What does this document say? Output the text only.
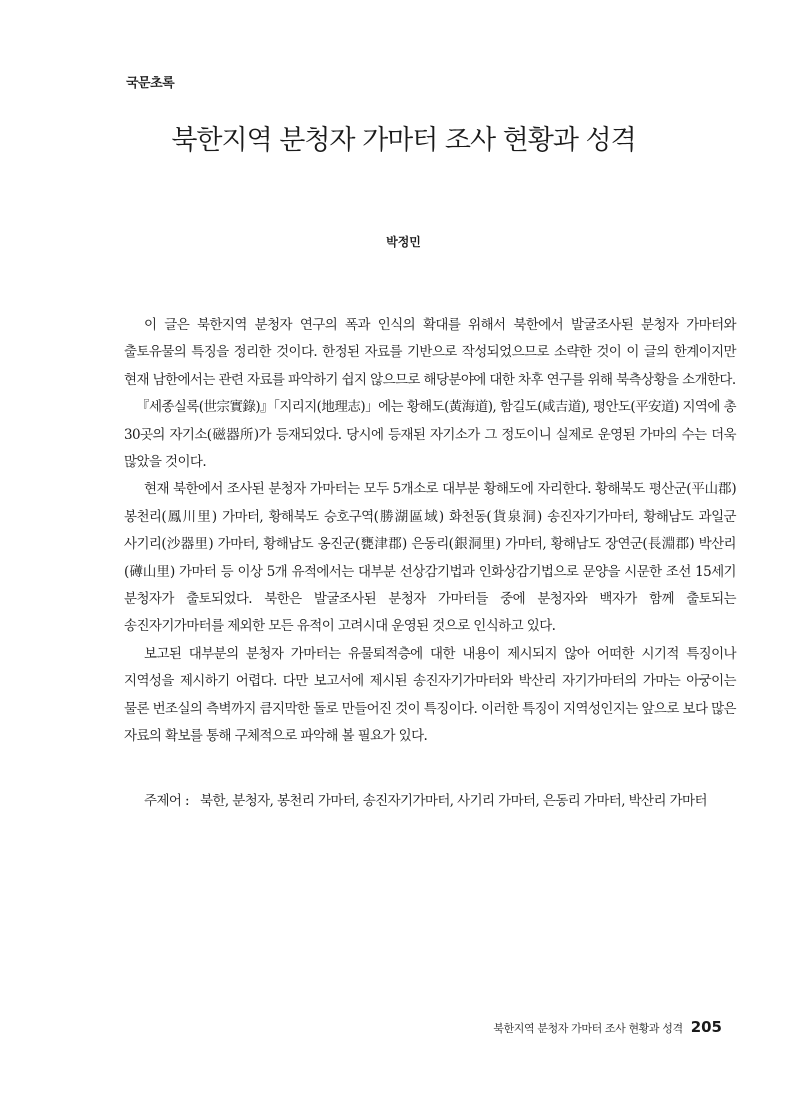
국문초록
북한지역 분청자 가마터 조사 현황과 성격
박정민

이 글은 북한지역 분청자 연구의 폭과 인식의 확대를 위해서 북한에서 발굴조사된 분청자 가마터와 출토유물의 특징을 정리한 것이다. 한정된 자료를 기반으로 작성되었으므로 소략한 것이 이 글의 한계이지만 현재 남한에서는 관련 자료를 파악하기 쉽지 않으므로 해당분야에 대한 차후 연구를 위해 북측상황을 소개한다.

『세종실록(世宗實錄)』「지리지(地理志)」에는 황해도(黃海道), 함길도(咸吉道), 평안도(平安道) 지역에 총 30곳의 자기소(磁器所)가 등재되었다. 당시에 등재된 자기소가 그 정도이니 실제로 운영된 가마의 수는 더욱 많았을 것이다.

현재 북한에서 조사된 분청자 가마터는 모두 5개소로 대부분 황해도에 자리한다. 황해북도 평산군(平山郡) 봉천리(鳳川里) 가마터, 황해북도 승호구역(勝湖區域) 화천동(貨泉洞) 송진자기가마터, 황해남도 과일군 사기리(沙器里) 가마터, 황해남도 옹진군(甕津郡) 은동리(銀洞里) 가마터, 황해남도 장연군(長淵郡) 박산리(礡山里) 가마터 등 이상 5개 유적에서는 대부분 선상감기법과 인화상감기법으로 문양을 시문한 조선 15세기 분청자가 출토되었다. 북한은 발굴조사된 분청자 가마터들 중에 분청자와 백자가 함께 출토되는 송진자기가마터를 제외한 모든 유적이 고려시대 운영된 것으로 인식하고 있다.

보고된 대부분의 분청자 가마터는 유물퇴적층에 대한 내용이 제시되지 않아 어떠한 시기적 특징이나 지역성을 제시하기 어렵다. 다만 보고서에 제시된 송진자기가마터와 박산리 자기가마터의 가마는 아궁이는 물론 번조실의 측벽까지 큼지막한 돌로 만들어진 것이 특징이다. 이러한 특징이 지역성인지는 앞으로 보다 많은 자료의 확보를 통해 구체적으로 파악해 볼 필요가 있다.

주제어 : 북한, 분청자, 봉천리 가마터, 송진자기가마터, 사기리 가마터, 은동리 가마터, 박산리 가마터
북한지역 분청자 가마터 조사 현황과 성격 205
